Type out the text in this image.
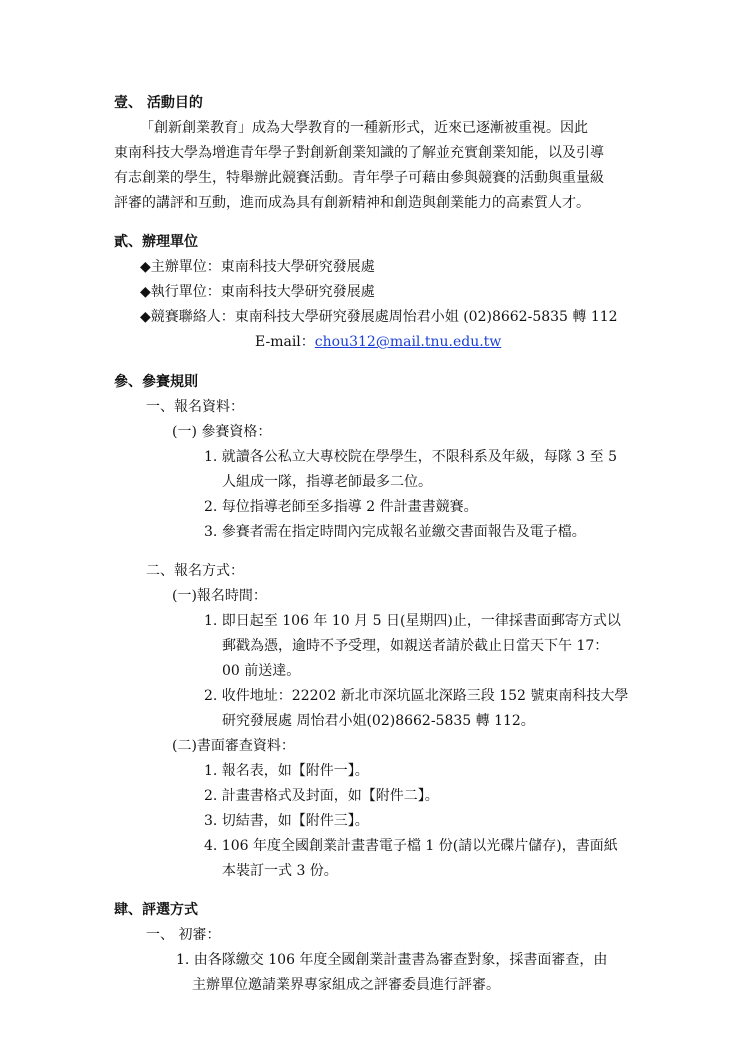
壹、 活動目的
「創新創業教育」成為大學教育的一種新形式，近來已逐漸被重視。因此
東南科技大學為增進青年學子對創新創業知識的了解並充實創業知能，以及引導
有志創業的學生，特舉辦此競賽活動。青年學子可藉由參與競賽的活動與重量級
評審的講評和互動，進而成為具有創新精神和創造與創業能力的高素質人才。
貳、辦理單位
◆主辦單位：東南科技大學研究發展處
◆執行單位：東南科技大學研究發展處
◆競賽聯絡人：東南科技大學研究發展處周怡君小姐 (02)8662-5835 轉 112
E-mail：chou312@mail.tnu.edu.tw
參、參賽規則
一、報名資料：
(一) 參賽資格：
1. 就讀各公私立大專校院在學學生，不限科系及年級，每隊 3 至 5
人組成一隊，指導老師最多二位。
2. 每位指導老師至多指導 2 件計畫書競賽。
3. 參賽者需在指定時間內完成報名並繳交書面報告及電子檔。
二、報名方式：
(一)報名時間：
1. 即日起至 106 年 10 月 5 日(星期四)止，一律採書面郵寄方式以
郵戳為憑，逾時不予受理，如親送者請於截止日當天下午 17：
00 前送達。
2. 收件地址：22202 新北市深坑區北深路三段 152 號東南科技大學
研究發展處 周怡君小姐(02)8662-5835 轉 112。
(二)書面審查資料：
1. 報名表，如【附件一】。
2. 計畫書格式及封面，如【附件二】。
3. 切結書，如【附件三】。
4. 106 年度全國創業計畫書電子檔 1 份(請以光碟片儲存)，書面紙
本裝訂一式 3 份。
肆、評選方式
一、 初審：
1. 由各隊繳交 106 年度全國創業計畫書為審查對象，採書面審查，由
主辦單位邀請業界專家組成之評審委員進行評審。
